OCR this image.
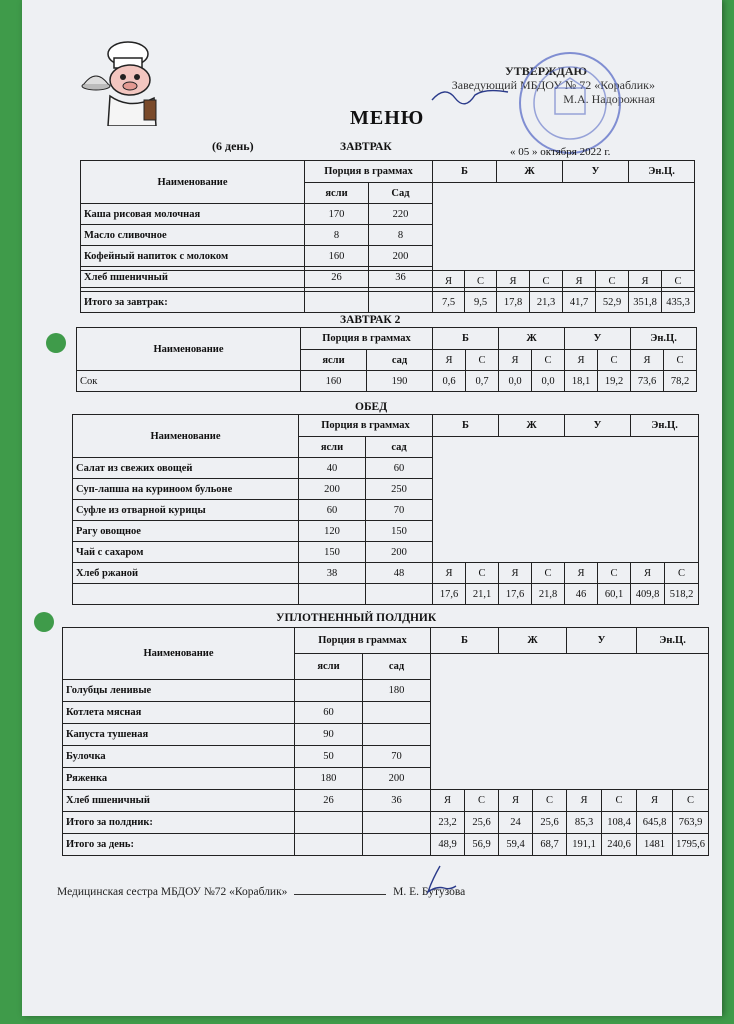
УТВЕРЖДАЮ
Заведующий МБДОУ № 72 «Кораблик»
М.А. Надорожная
МЕНЮ
(6 день)	ЗАВТРАК	« 05 » октября 2022 г.
Наименование	Порция в граммах		Б	Ж	У	Эн.Ц.
	ясли	Сад				
Каша рисовая молочная	170	220				
Масло сливочное	8	8				
Кофейный напиток с молоком	160	200				
Хлеб пшеничный	26	36				
			Я	С	Я	С	Я	С	Я	С
Итого за завтрак:			7,5	9,5	17,8	21,3	41,7	52,9	351,8	435,3
ЗАВТРАК 2
Наименование	Порция в граммах		Б		Ж		У		Эн.Ц.	
	ясли	сад	Я	С	Я	С	Я	С	Я	С
Сок	160	190	0,6	0,7	0,0	0,0	18,1	19,2	73,6	78,2
ОБЕД
Наименование	Порция в граммах		Б		Ж		У		Эн.Ц.	
	ясли	сад								
Салат из свежих овощей	40	60								
Суп-лапша на куриноом бульоне	200	250								
Суфле из отварной курицы	60	70								
Рагу овощное	120	150								
Чай с сахаром	150	200								
Хлеб ржаной	38	48	Я	С	Я	С	Я	С	Я	С
			17,6	21,1	17,6	21,8	46	60,1	409,8	518,2
УПЛОТНЕННЫЙ ПОЛДНИК
Наименование	Порция в граммах		Б		Ж		У		Эн.Ц.	
	ясли	сад								
Голубцы ленивые		180								
Котлета мясная	60									
Капуста тушеная	90									
Булочка	50	70								
Ряженка	180	200								
Хлеб пшеничный	26	36	Я	С	Я	С	Я	С	Я	С
Итого за полдник:			23,2	25,6	24	25,6	85,3	108,4	645,8	763,9
Итого за день:			48,9	56,9	59,4	68,7	191,1	240,6	1481	1795,6
Медицинская сестра МБДОУ №72 «Кораблик»	М. Е. Бутузова
